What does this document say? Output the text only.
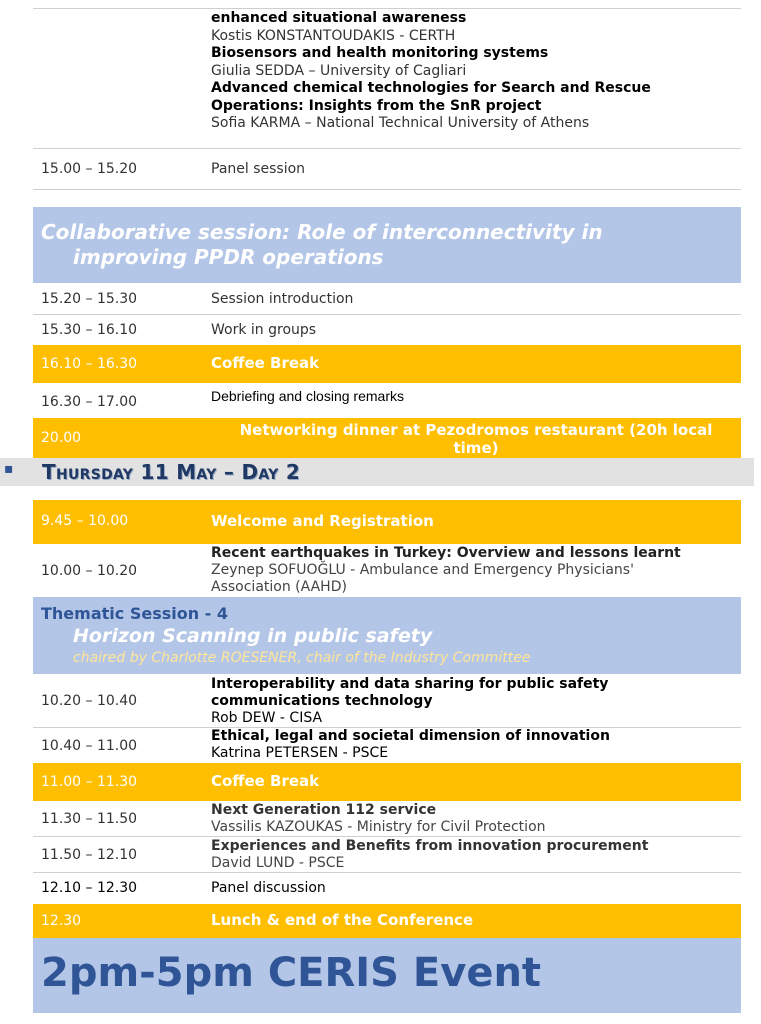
enhanced situational awareness
Kostis KONSTANTOUDAKIS - CERTH
Biosensors and health monitoring systems
Giulia SEDDA – University of Cagliari
Advanced chemical technologies for Search and Rescue
Operations: Insights from the SnR project
Sofia KARMA – National Technical University of Athens
15.00 – 15.20	Panel session
Collaborative session: Role of interconnectivity in
improving PPDR operations
15.20 – 15.30	Session introduction
15.30 – 16.10	Work in groups
16.10 – 16.30	Coffee Break
16.30 – 17.00	Debriefing and closing remarks
20.00	Networking dinner at Pezodromos restaurant (20h local
time)
▪ Thursday 11 May – Day 2
9.45 – 10.00	Welcome and Registration
10.00 – 10.20
Recent earthquakes in Turkey: Overview and lessons learnt
Zeynep SOFUOĞLU - Ambulance and Emergency Physicians'
Association (AAHD)
Thematic Session - 4
Horizon Scanning in public safety
chaired by Charlotte ROESENER, chair of the Industry Committee
10.20 – 10.40
Interoperability and data sharing for public safety
communications technology
Rob DEW - CISA
10.40 – 11.00
Ethical, legal and societal dimension of innovation
Katrina PETERSEN - PSCE
11.00 – 11.30	Coffee Break
11.30 – 11.50
Next Generation 112 service
Vassilis KAZOUKAS - Ministry for Civil Protection
11.50 – 12.10
Experiences and Benefits from innovation procurement
David LUND - PSCE
12.10 – 12.30	Panel discussion
12.30	Lunch & end of the Conference
2pm-5pm CERIS Event
